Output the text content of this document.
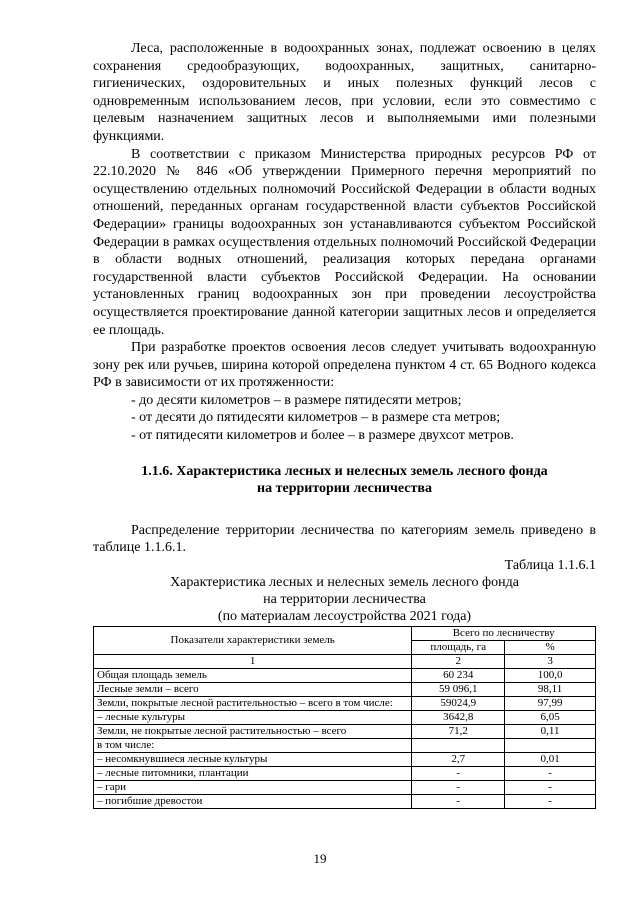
Леса, расположенные в водоохранных зонах, подлежат освоению в целях сохранения средообразующих, водоохранных, защитных, санитарно-гигиенических, оздоровительных и иных полезных функций лесов с одновременным использованием лесов, при условии, если это совместимо с целевым назначением защитных лесов и выполняемыми ими полезными функциями.

В соответствии с приказом Министерства природных ресурсов РФ от 22.10.2020 № 846 «Об утверждении Примерного перечня мероприятий по осуществлению отдельных полномочий Российской Федерации в области водных отношений, переданных органам государственной власти субъектов Российской Федерации» границы водоохранных зон устанавливаются субъектом Российской Федерации в рамках осуществления отдельных полномочий Российской Федерации в области водных отношений, реализация которых передана органами государственной власти субъектов Российской Федерации. На основании установленных границ водоохранных зон при проведении лесоустройства осуществляется проектирование данной категории защитных лесов и определяется ее площадь.

При разработке проектов освоения лесов следует учитывать водоохранную зону рек или ручьев, ширина которой определена пунктом 4 ст. 65 Водного кодекса РФ в зависимости от их протяженности:

- до десяти километров – в размере пятидесяти метров;

- от десяти до пятидесяти километров – в размере ста метров;

- от пятидесяти километров и более – в размере двухсот метров.

1.1.6. Характеристика лесных и нелесных земель лесного фонда
на территории лесничества

Распределение территории лесничества по категориям земель приведено в таблице 1.1.6.1.

Таблица 1.1.6.1

Характеристика лесных и нелесных земель лесного фонда
на территории лесничества
(по материалам лесоустройства 2021 года)

Показатели характеристики земель	Всего по лесничеству	
	площадь, га	%
1	2	3
Общая площадь земель	60 234	100,0
Лесные земли – всего	59 096,1	98,11
Земли, покрытые лесной растительностью – всего в том числе:	59024,9	97,99
– лесные культуры	3642,8	6,05
Земли, не покрытые лесной растительностью – всего	71,2	0,11
в том числе:		
– несомкнувшиеся лесные культуры	2,7	0,01
– лесные питомники, плантации	-	-
– гари	-	-
– погибшие древостои	-	-
19
